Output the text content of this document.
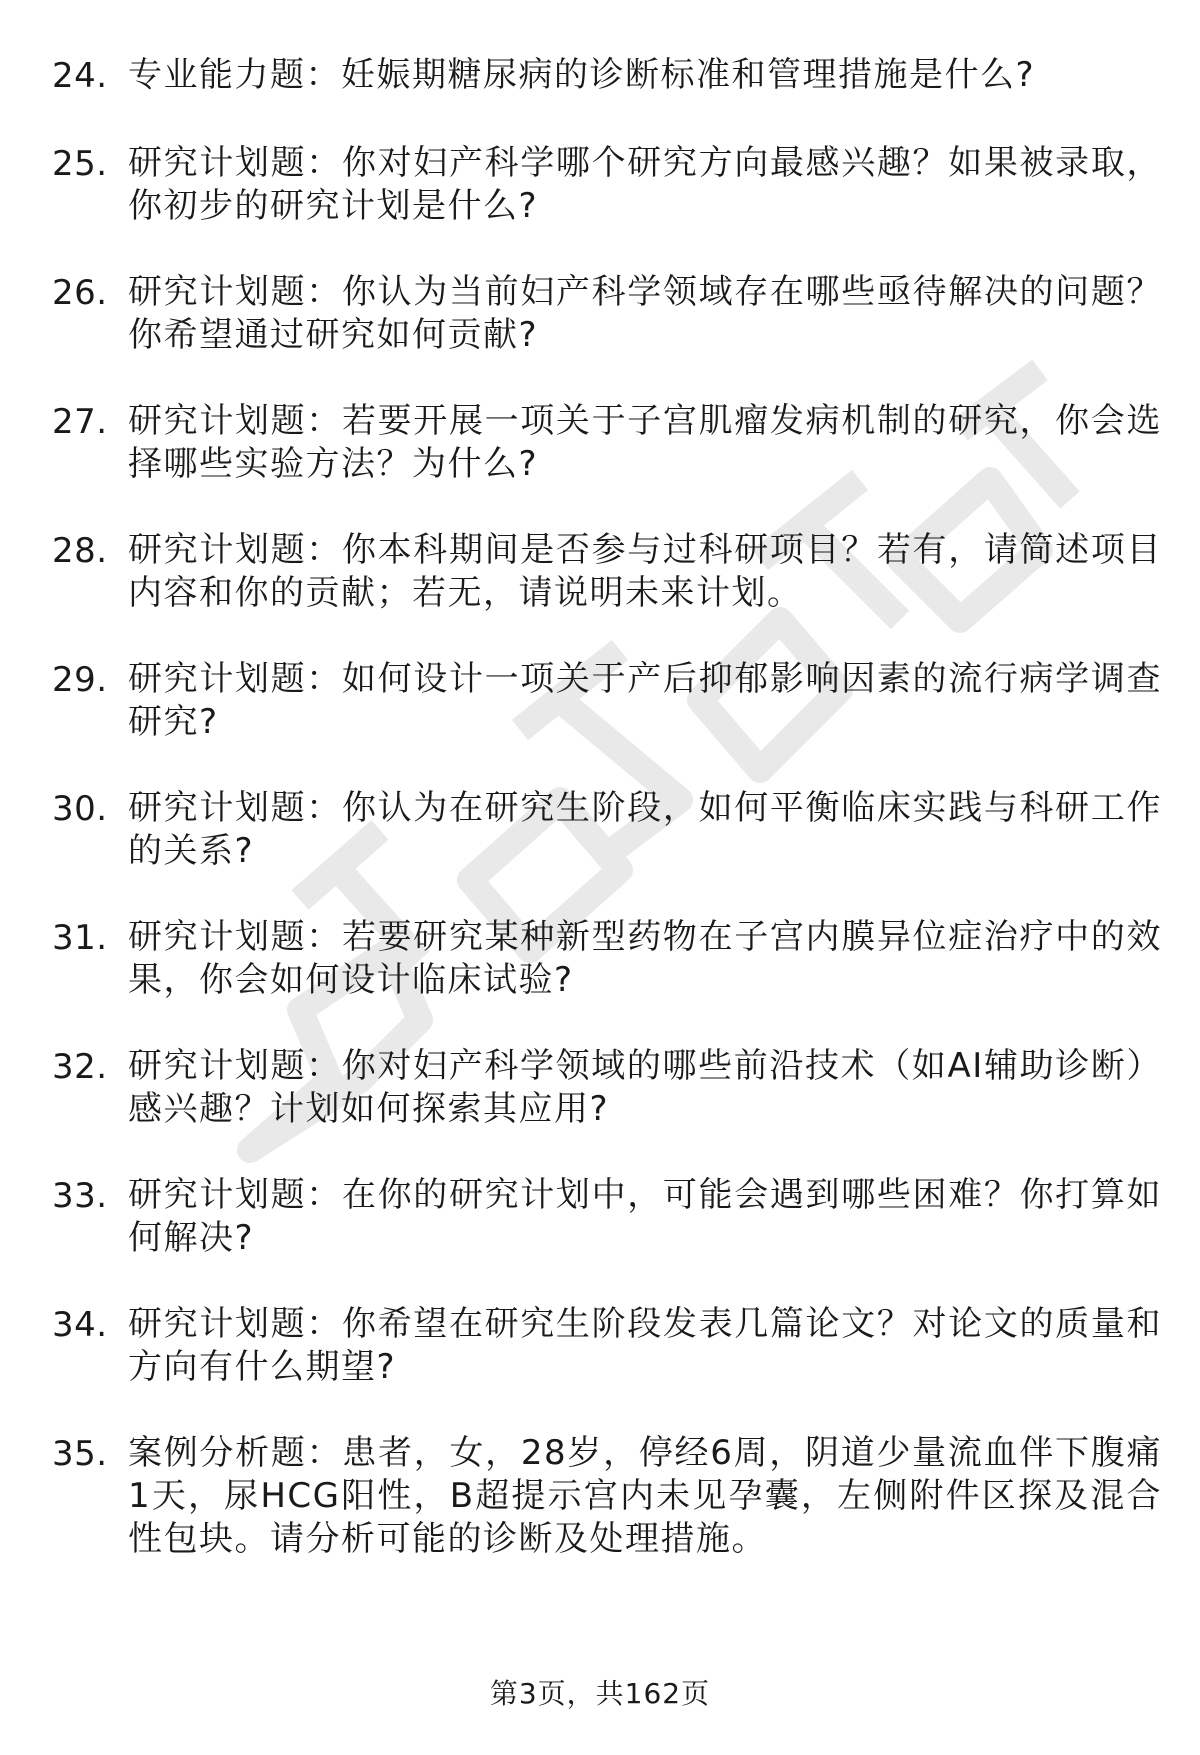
24. 专业能力题：妊娠期糖尿病的诊断标准和管理措施是什么?
25. 研究计划题：你对妇产科学哪个研究方向最感兴趣？如果被录取，你初步的研究计划是什么?
26. 研究计划题：你认为当前妇产科学领域存在哪些亟待解决的问题？你希望通过研究如何贡献?
27. 研究计划题：若要开展一项关于子宫肌瘤发病机制的研究，你会选择哪些实验方法？为什么?
28. 研究计划题：你本科期间是否参与过科研项目？若有，请简述项目内容和你的贡献；若无，请说明未来计划。
29. 研究计划题：如何设计一项关于产后抑郁影响因素的流行病学调查研究?
30. 研究计划题：你认为在研究生阶段，如何平衡临床实践与科研工作的关系?
31. 研究计划题：若要研究某种新型药物在子宫内膜异位症治疗中的效果，你会如何设计临床试验?
32. 研究计划题：你对妇产科学领域的哪些前沿技术（如AI辅助诊断）感兴趣？计划如何探索其应用?
33. 研究计划题：在你的研究计划中，可能会遇到哪些困难？你打算如何解决?
34. 研究计划题：你希望在研究生阶段发表几篇论文？对论文的质量和方向有什么期望?
35. 案例分析题：患者，女，28岁，停经6周，阴道少量流血伴下腹痛1天，尿HCG阳性，B超提示宫内未见孕囊，左侧附件区探及混合性包块。请分析可能的诊断及处理措施。
第3页，共162页
